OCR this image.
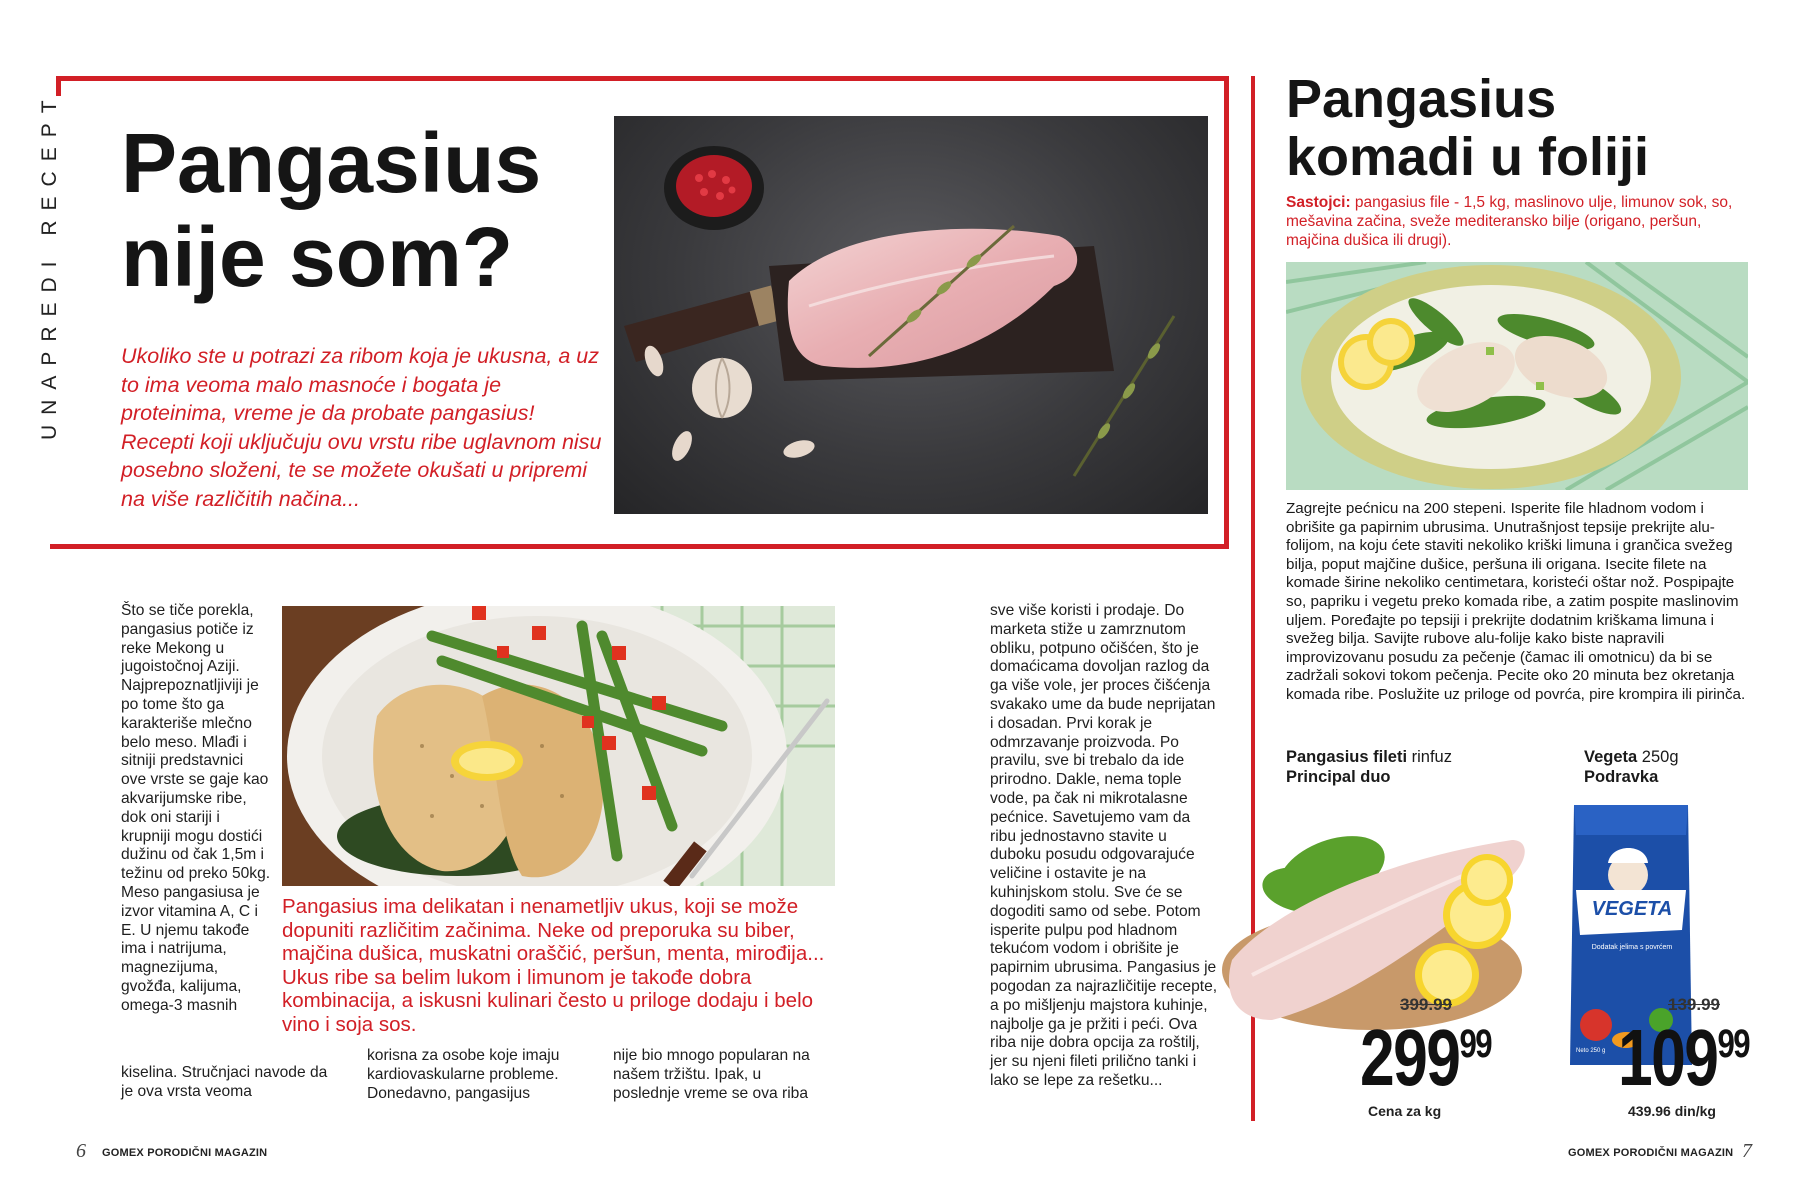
UNAPREDI RECEPT Pangasius
nije som?
Ukoliko ste u potrazi za ribom koja je ukusna, a uz to ima veoma malo masnoće i bogata je proteinima, vreme je da probate pangasius! Recepti koji uključuju ovu vrstu ribe uglavnom nisu posebno složeni, te se možete okušati u pripremi na više različitih načina...
Što se tiče porekla, pangasius potiče iz reke Mekong u jugoistočnoj Aziji. Najprepoznatljiviji je po tome što ga karakteriše mlečno belo meso. Mlađi i sitniji predstavnici ove vrste se gaje kao akvarijumske ribe, dok oni stariji i krupniji mogu dostići dužinu od čak 1,5m i težinu od preko 50kg. Meso pangasiusa je izvor vitamina A, C i E. U njemu takođe ima i natrijuma, magnezijuma, gvožđa, kalijuma, omega-3 masnih
kiselina. Stručnjaci navode da je ova vrsta veoma
Pangasius ima delikatan i nenametljiv ukus, koji se može dopuniti različitim začinima. Neke od preporuka su biber, majčina dušica, muskatni oraščić, peršun, menta, mirođija... Ukus ribe sa belim lukom i limunom je takođe dobra kombinacija, a iskusni kulinari često u priloge dodaju i belo vino i soja sos.
korisna za osobe koje imaju kardiovaskularne probleme. Donedavno, pangasijus
nije bio mnogo popularan na našem tržištu. Ipak, u poslednje vreme se ova riba
sve više koristi i prodaje. Do marketa stiže u zamrznutom obliku, potpuno očišćen, što je domaćicama dovoljan razlog da ga više vole, jer proces čišćenja svakako ume da bude neprijatan i dosadan. Prvi korak je odmrzavanje proizvoda. Po pravilu, sve bi trebalo da ide prirodno. Dakle, nema tople vode, pa čak ni mikrotalasne pećnice. Savetujemo vam da ribu jednostavno stavite u duboku posudu odgovarajuće veličine i ostavite je na kuhinjskom stolu. Sve će se dogoditi samo od sebe. Potom isperite pulpu pod hladnom tekućom vodom i obrišite je papirnim ubrusima. Pangasius je pogodan za najrazličitije recepte, a po mišljenju majstora kuhinje, najbolje ga je pržiti i peći. Ova riba nije dobra opcija za roštilj, jer su njeni fileti prilično tanki i lako se lepe za rešetku...
6 GOMEX PORODIČNI MAGAZIN
Pangasius
komadi u foliji
Sastojci: pangasius file - 1,5 kg, maslinovo ulje, limunov sok, so, mešavina začina, sveže mediteransko bilje (origano, peršun, majčina dušica ili drugi).
Zagrejte pećnicu na 200 stepeni. Isperite file hladnom vodom i obrišite ga papirnim ubrusima. Unutrašnjost tepsije prekrijte alu-folijom, na koju ćete staviti nekoliko kriški limuna i grančica svežeg bilja, poput majčine dušice, peršuna ili origana. Isecite filete na komade širine nekoliko centimetara, koristeći oštar nož. Pospipajte so, papriku i vegetu preko komada ribe, a zatim pospite maslinovim uljem. Poređajte po tepsiji i prekrijte dodatnim kriškama limuna i svežeg bilja. Savijte rubove alu-folije kako biste napravili improvizovanu posudu za pečenje (čamac ili omotnicu) da bi se zadržali sokovi tokom pečenja. Pecite oko 20 minuta bez okretanja komada ribe. Poslužite uz priloge od povrća, pire krompira ili pirinča.
Pangasius fileti rinfuz
Principal duo
399.99
29999
Cena za kg
Vegeta 250g
Podravka
VEGETA
Dodatak jelima s povrćem
Neto 250 g
139.99
10999
439.96 din/kg
GOMEX PORODIČNI MAGAZIN 7
